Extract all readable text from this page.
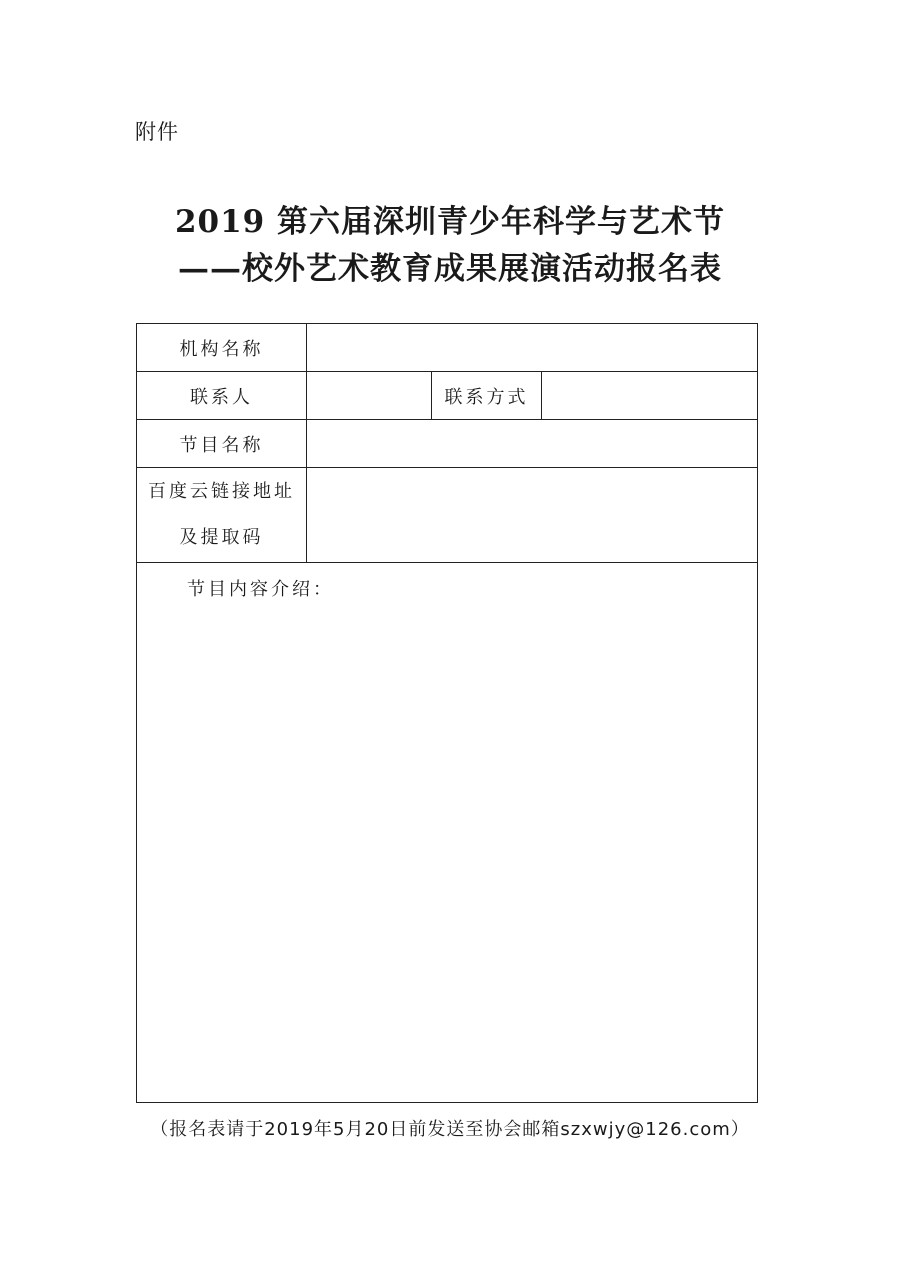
附件
2019 第六届深圳青少年科学与艺术节
——校外艺术教育成果展演活动报名表
机构名称			
联系人		联系方式	
节目名称			

百度云链接地址
及提取码			

节目内容介绍：			
（报名表请于2019年5月20日前发送至协会邮箱szxwjy@126.com）
